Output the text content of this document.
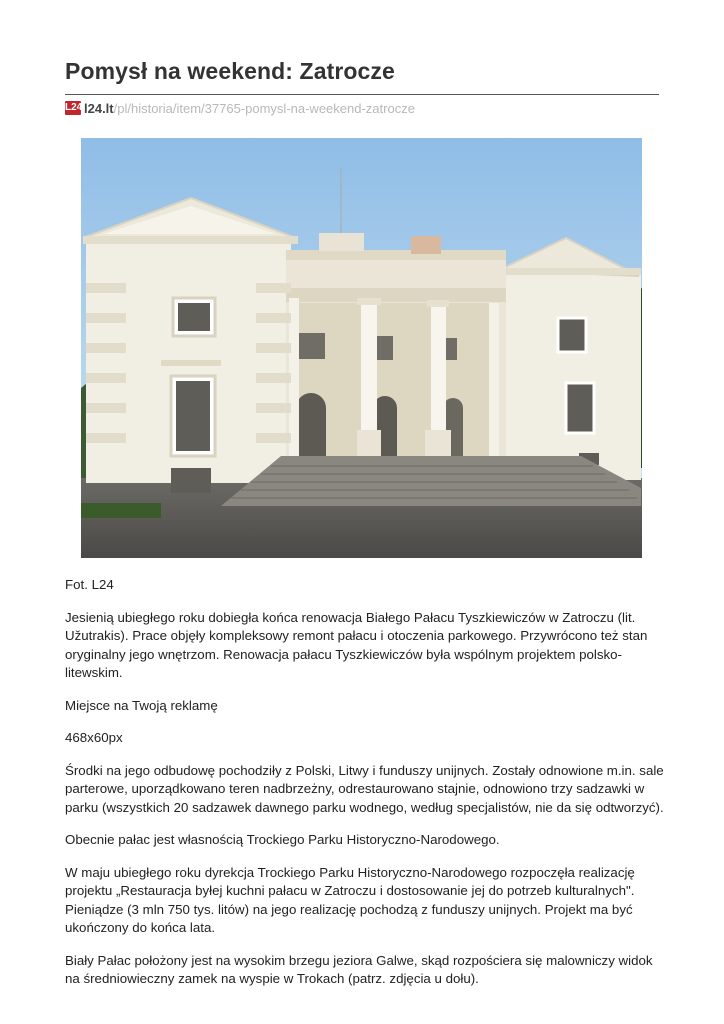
Pomysł na weekend: Zatrocze
L24 l24.lt /pl/historia/item/37765-pomysl-na-weekend-zatrocze

Fot. L24

Jesienią ubiegłego roku dobiegła końca renowacja Białego Pałacu Tyszkiewiczów w Zatroczu (lit. Užutrakis). Prace objęły kompleksowy remont pałacu i otoczenia parkowego. Przywrócono też stan oryginalny jego wnętrzom. Renowacja pałacu Tyszkiewiczów była wspólnym projektem polsko-litewskim.

Miejsce na Twoją reklamę

468x60px

Środki na jego odbudowę pochodziły z Polski, Litwy i funduszy unijnych. Zostały odnowione m.in. sale parterowe, uporządkowano teren nadbrzeżny, odrestaurowano stajnie, odnowiono trzy sadzawki w parku (wszystkich 20 sadzawek dawnego parku wodnego, według specjalistów, nie da się odtworzyć).

Obecnie pałac jest własnością Trockiego Parku Historyczno-Narodowego.

W maju ubiegłego roku dyrekcja Trockiego Parku Historyczno-Narodowego rozpoczęła realizację projektu „Restauracja byłej kuchni pałacu w Zatroczu i dostosowanie jej do potrzeb kulturalnych". Pieniądze (3 mln 750 tys. litów) na jego realizację pochodzą z funduszy unijnych. Projekt ma być ukończony do końca lata.

Biały Pałac położony jest na wysokim brzegu jeziora Galwe, skąd rozpościera się malowniczy widok na średniowieczny zamek na wyspie w Trokach (patrz. zdjęcia u dołu).
